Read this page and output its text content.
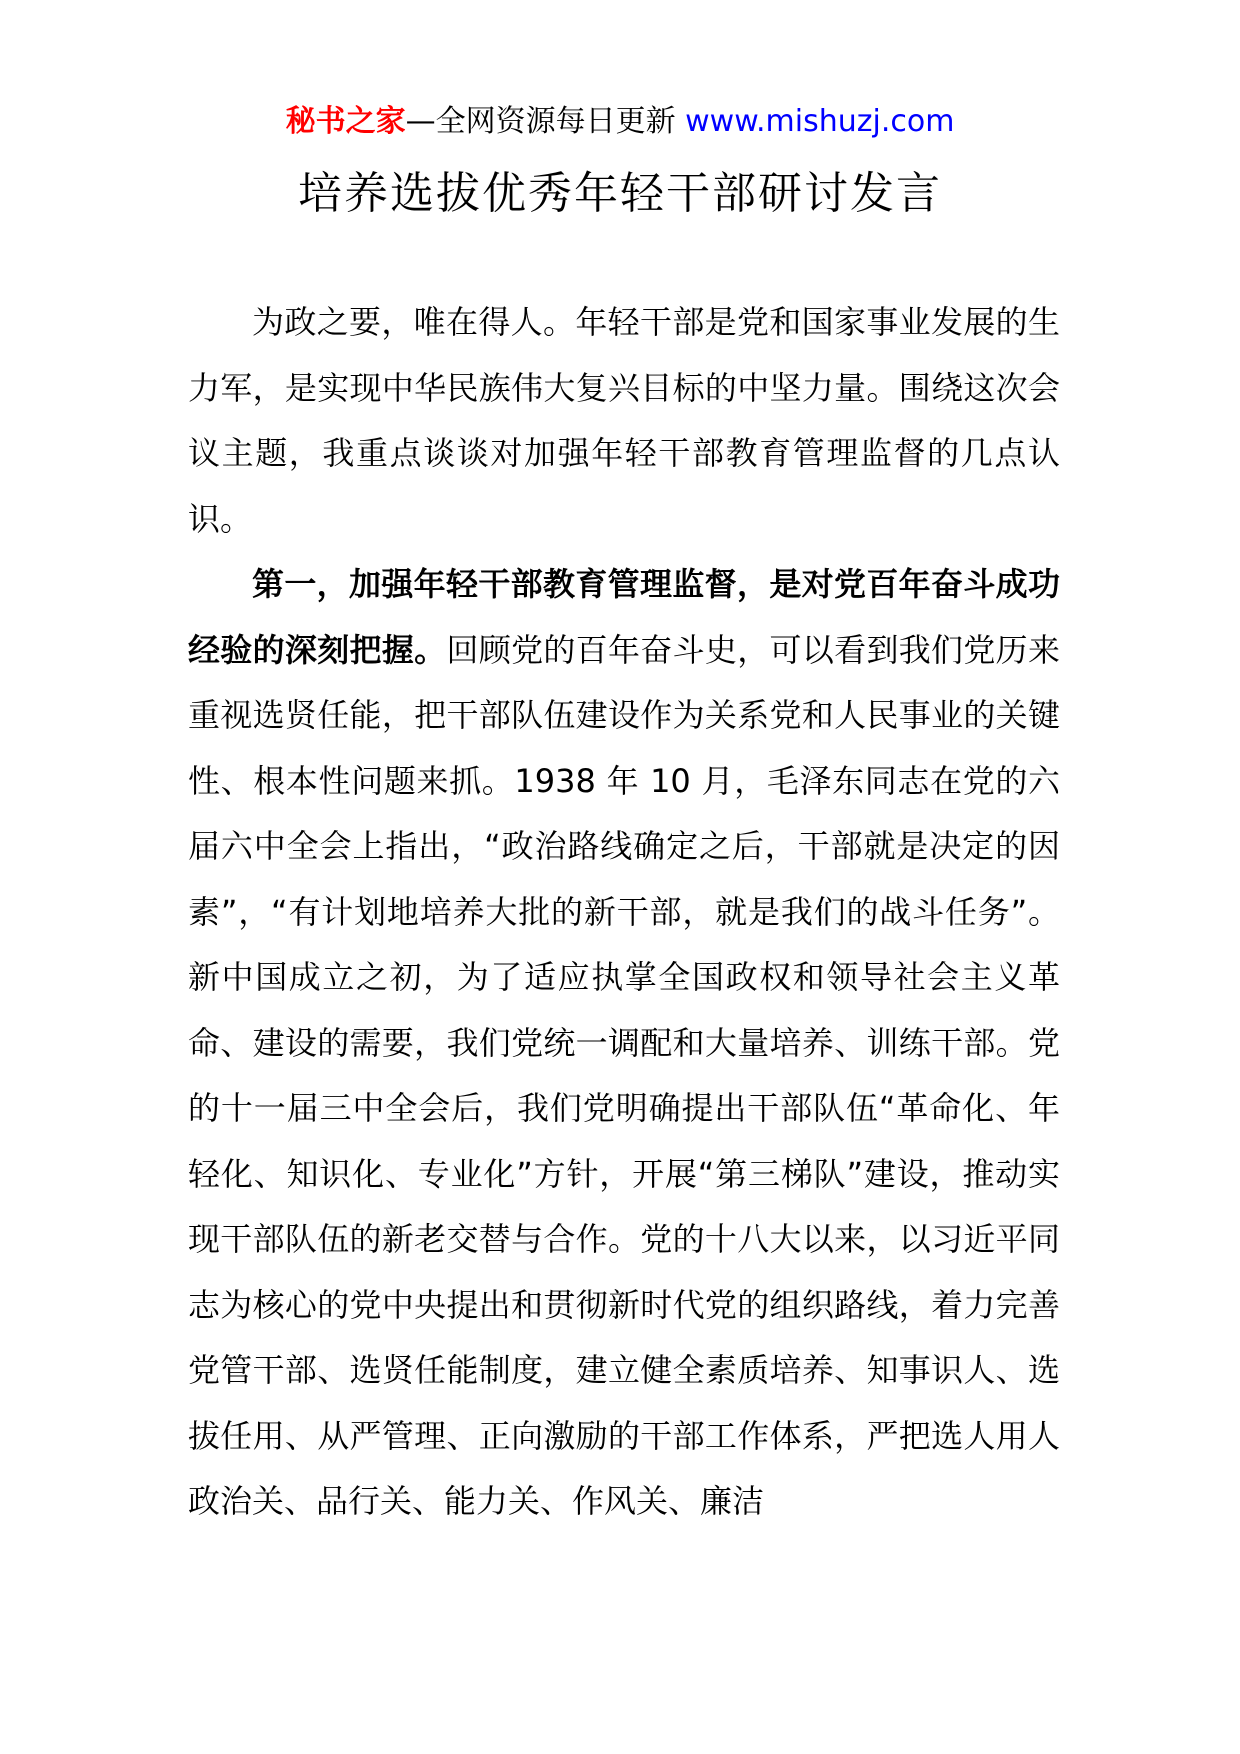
秘书之家—全网资源每日更新 www.mishuzj.com
培养选拔优秀年轻干部研讨发言

为政之要，唯在得人。年轻干部是党和国家事业发展的生力军，是实现中华民族伟大复兴目标的中坚力量。围绕这次会议主题，我重点谈谈对加强年轻干部教育管理监督的几点认识。

第一，加强年轻干部教育管理监督，是对党百年奋斗成功经验的深刻把握。回顾党的百年奋斗史，可以看到我们党历来重视选贤任能，把干部队伍建设作为关系党和人民事业的关键性、根本性问题来抓。1938 年 10 月，毛泽东同志在党的六届六中全会上指出，“政治路线确定之后，干部就是决定的因素”，“有计划地培养大批的新干部，就是我们的战斗任务”。新中国成立之初，为了适应执掌全国政权和领导社会主义革命、建设的需要，我们党统一调配和大量培养、训练干部。党的十一届三中全会后，我们党明确提出干部队伍“革命化、年轻化、知识化、专业化”方针，开展“第三梯队”建设，推动实现干部队伍的新老交替与合作。党的十八大以来，以习近平同志为核心的党中央提出和贯彻新时代党的组织路线，着力完善党管干部、选贤任能制度，建立健全素质培养、知事识人、选拔任用、从严管理、正向激励的干部工作体系，严把选人用人政治关、品行关、能力关、作风关、廉洁
